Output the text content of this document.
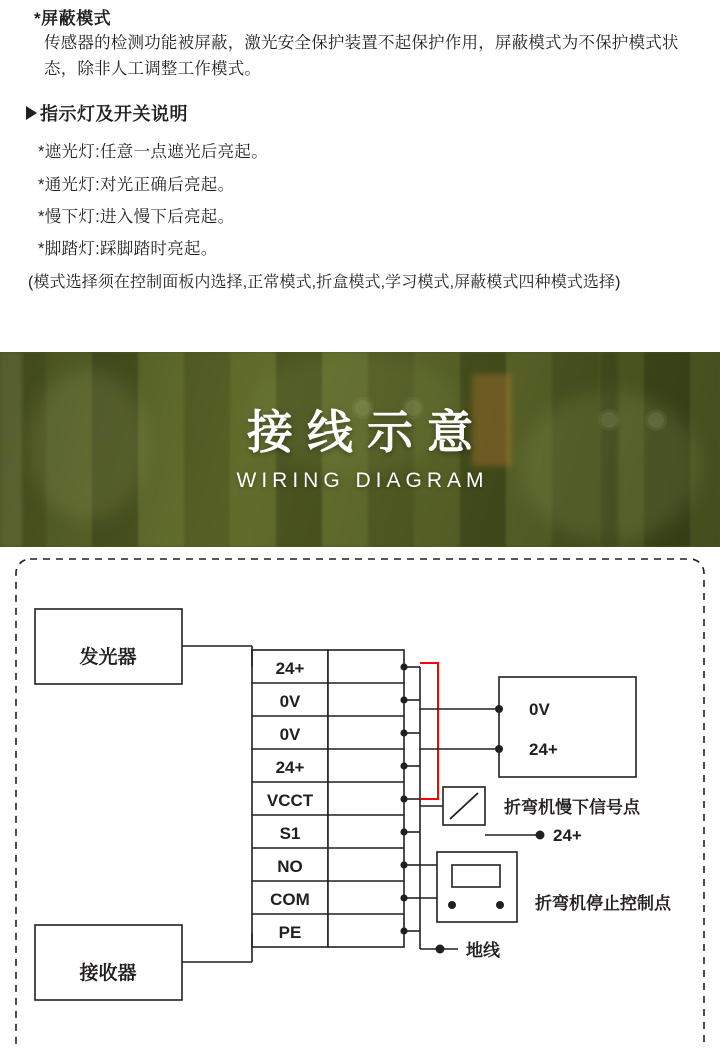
*屏蔽模式

传感器的检测功能被屏蔽，激光安全保护装置不起保护作用，屏蔽模式为不保护模式状态，除非人工调整工作模式。

指示灯及开关说明
*遮光灯:任意一点遮光后亮起。
*通光灯:对光正确后亮起。
*慢下灯:进入慢下后亮起。
*脚踏灯:踩脚踏时亮起。

(模式选择须在控制面板内选择,正常模式,折盒模式,学习模式,屏蔽模式四种模式选择)

接线示意
WIRING DIAGRAM
发光器
接收器
24+
0V
0V
24+
VCCT
S1
NO
COM
PE
0V
24+
折弯机慢下信号点
24+
折弯机停止控制点
地线
